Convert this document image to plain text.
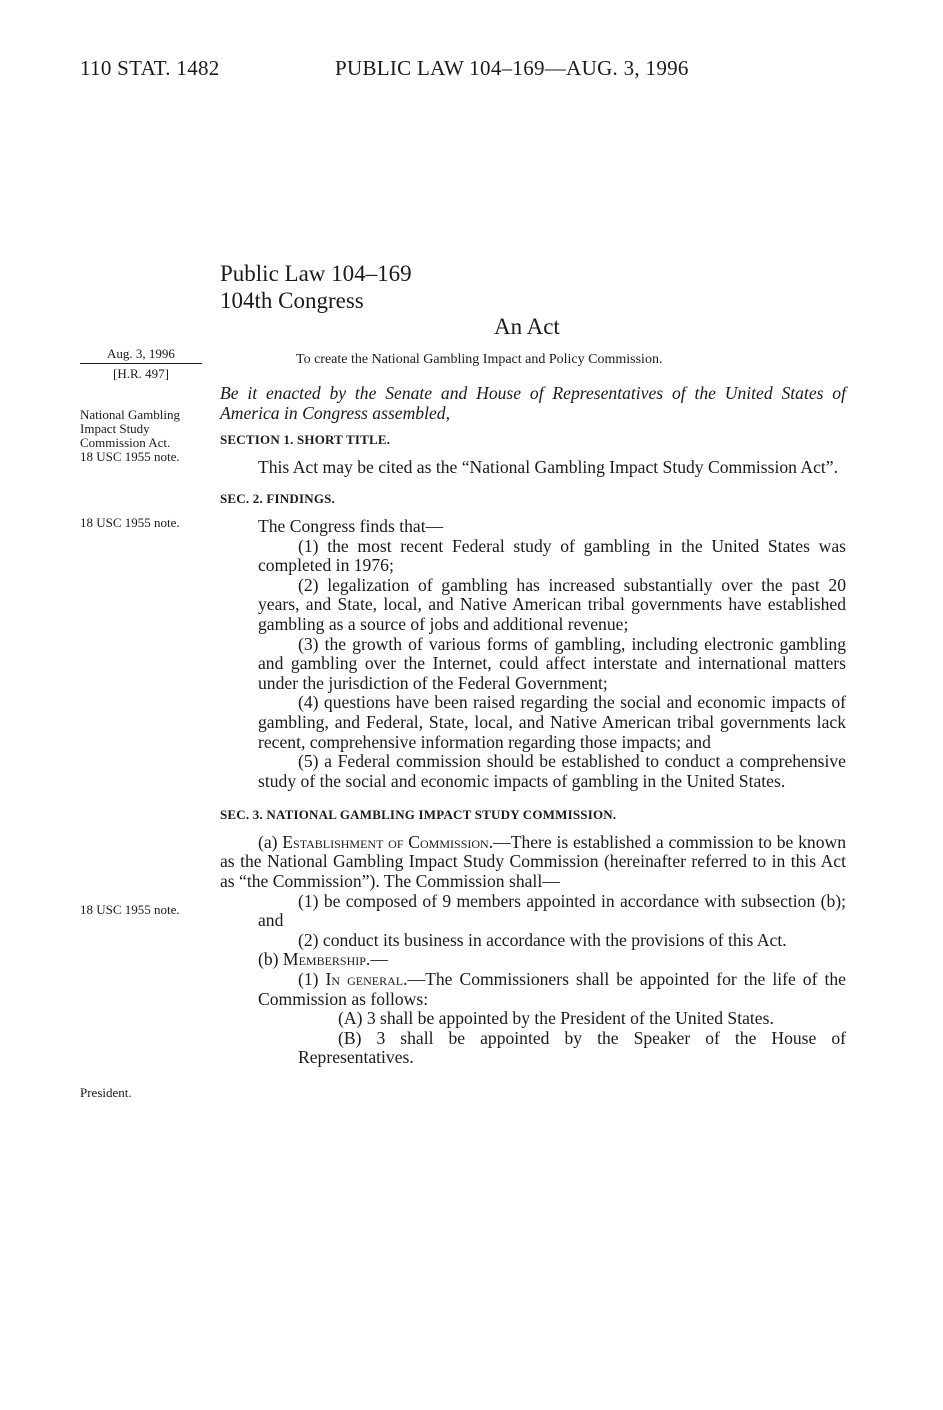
110 STAT. 1482	PUBLIC LAW 104–169—AUG. 3, 1996
Public Law 104–169
104th Congress
An Act
Aug. 3, 1996
[H.R. 497]
National Gambling Impact Study Commission Act.
18 USC 1955 note.
18 USC 1955 note.
18 USC 1955 note.
President.
To create the National Gambling Impact and Policy Commission.

Be it enacted by the Senate and House of Representatives of the United States of America in Congress assembled,

SECTION 1. SHORT TITLE.

This Act may be cited as the “National Gambling Impact Study Commission Act”.

SEC. 2. FINDINGS.

The Congress finds that—

(1) the most recent Federal study of gambling in the United States was completed in 1976;

(2) legalization of gambling has increased substantially over the past 20 years, and State, local, and Native American tribal governments have established gambling as a source of jobs and additional revenue;

(3) the growth of various forms of gambling, including electronic gambling and gambling over the Internet, could affect interstate and international matters under the jurisdiction of the Federal Government;

(4) questions have been raised regarding the social and economic impacts of gambling, and Federal, State, local, and Native American tribal governments lack recent, comprehensive information regarding those impacts; and

(5) a Federal commission should be established to conduct a comprehensive study of the social and economic impacts of gambling in the United States.

SEC. 3. NATIONAL GAMBLING IMPACT STUDY COMMISSION.

(a) Establishment of Commission.—There is established a commission to be known as the National Gambling Impact Study Commission (hereinafter referred to in this Act as “the Commission”). The Commission shall—

(1) be composed of 9 members appointed in accordance with subsection (b); and

(2) conduct its business in accordance with the provisions of this Act.

(b) Membership.—

(1) In general.—The Commissioners shall be appointed for the life of the Commission as follows:

(A) 3 shall be appointed by the President of the United States.

(B) 3 shall be appointed by the Speaker of the House of Representatives.
